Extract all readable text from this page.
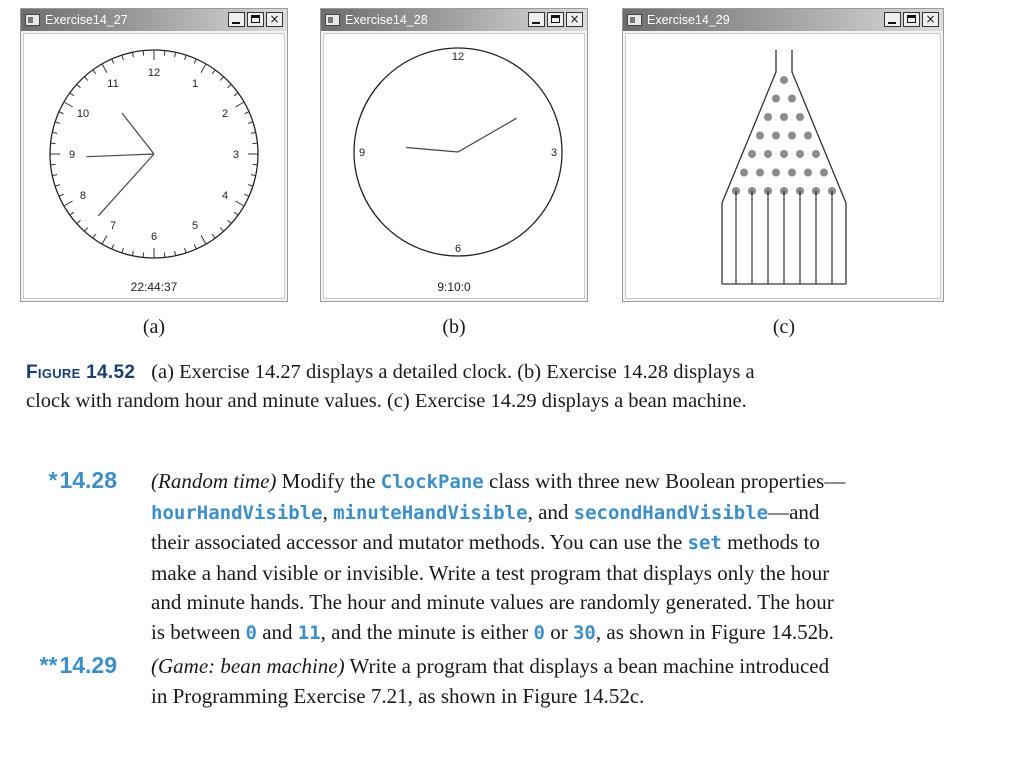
Exercise14_27	×
12
1
2
3
4
5
6
7
8
9
10
11
22:44:37
Exercise14_28	×
12
3
6
9
9:10:0
Exercise14_29	×
(a)	(b)	(c)
Figure 14.52 (a) Exercise 14.27 displays a detailed clock. (b) Exercise 14.28 displays a
clock with random hour and minute values. (c) Exercise 14.29 displays a bean machine.
*14.28 (Random time) Modify the ClockPane class with three new Boolean properties—
hourHandVisible, minuteHandVisible, and secondHandVisible—and
their associated accessor and mutator methods. You can use the set methods to
make a hand visible or invisible. Write a test program that displays only the hour
and minute hands. The hour and minute values are randomly generated. The hour
is between 0 and 11, and the minute is either 0 or 30, as shown in Figure 14.52b.
**14.29 (Game: bean machine) Write a program that displays a bean machine introduced
in Programming Exercise 7.21, as shown in Figure 14.52c.
